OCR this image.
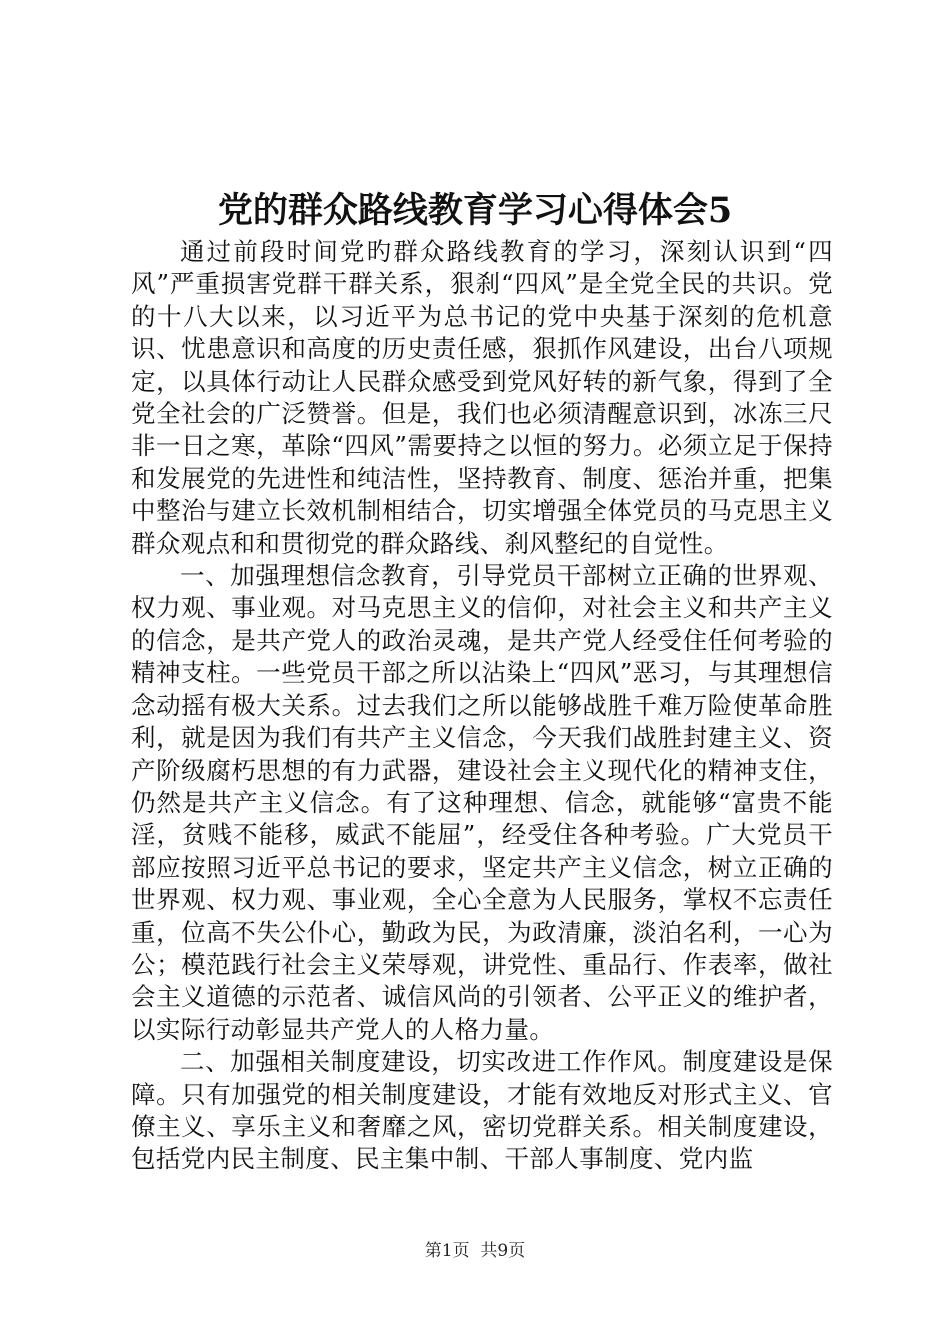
党的群众路线教育学习心得体会5

通过前段时间党旳群众路线教育的学习，深刻认识到“四风”严重损害党群干群关系，狠刹“四风”是全党全民的共识。党的十八大以来，以习近平为总书记的党中央基于深刻的危机意识、忧患意识和高度的历史责任感，狠抓作风建设，出台八项规定，以具体行动让人民群众感受到党风好转的新气象，得到了全党全社会的广泛赞誉。但是，我们也必须清醒意识到，冰冻三尺非一日之寒，革除“四风”需要持之以恒的努力。必须立足于保持和发展党的先进性和纯洁性，坚持教育、制度、惩治并重，把集中整治与建立长效机制相结合，切实增强全体党员的马克思主义群众观点和和贯彻党的群众路线、刹风整纪的自觉性。

一、加强理想信念教育，引导党员干部树立正确的世界观、权力观、事业观。对马克思主义的信仰，对社会主义和共产主义的信念，是共产党人的政治灵魂，是共产党人经受住任何考验的精神支柱。一些党员干部之所以沾染上“四风”恶习，与其理想信念动摇有极大关系。过去我们之所以能够战胜千难万险使革命胜利，就是因为我们有共产主义信念，今天我们战胜封建主义、资产阶级腐朽思想的有力武器，建设社会主义现代化的精神支住，仍然是共产主义信念。有了这种理想、信念，就能够“富贵不能淫，贫贱不能移，威武不能屈”，经受住各种考验。广大党员干部应按照习近平总书记的要求，坚定共产主义信念，树立正确的世界观、权力观、事业观，全心全意为人民服务，掌权不忘责任重，位高不失公仆心，勤政为民，为政清廉，淡泊名利，一心为公；模范践行社会主义荣辱观，讲党性、重品行、作表率，做社会主义道德的示范者、诚信风尚的引领者、公平正义的维护者，以实际行动彰显共产党人的人格力量。

二、加强相关制度建设，切实改进工作作风。制度建设是保障。只有加强党的相关制度建设，才能有效地反对形式主义、官僚主义、享乐主义和奢靡之风，密切党群关系。相关制度建设，包括党内民主制度、民主集中制、干部人事制度、党内监

第1页 共9页
